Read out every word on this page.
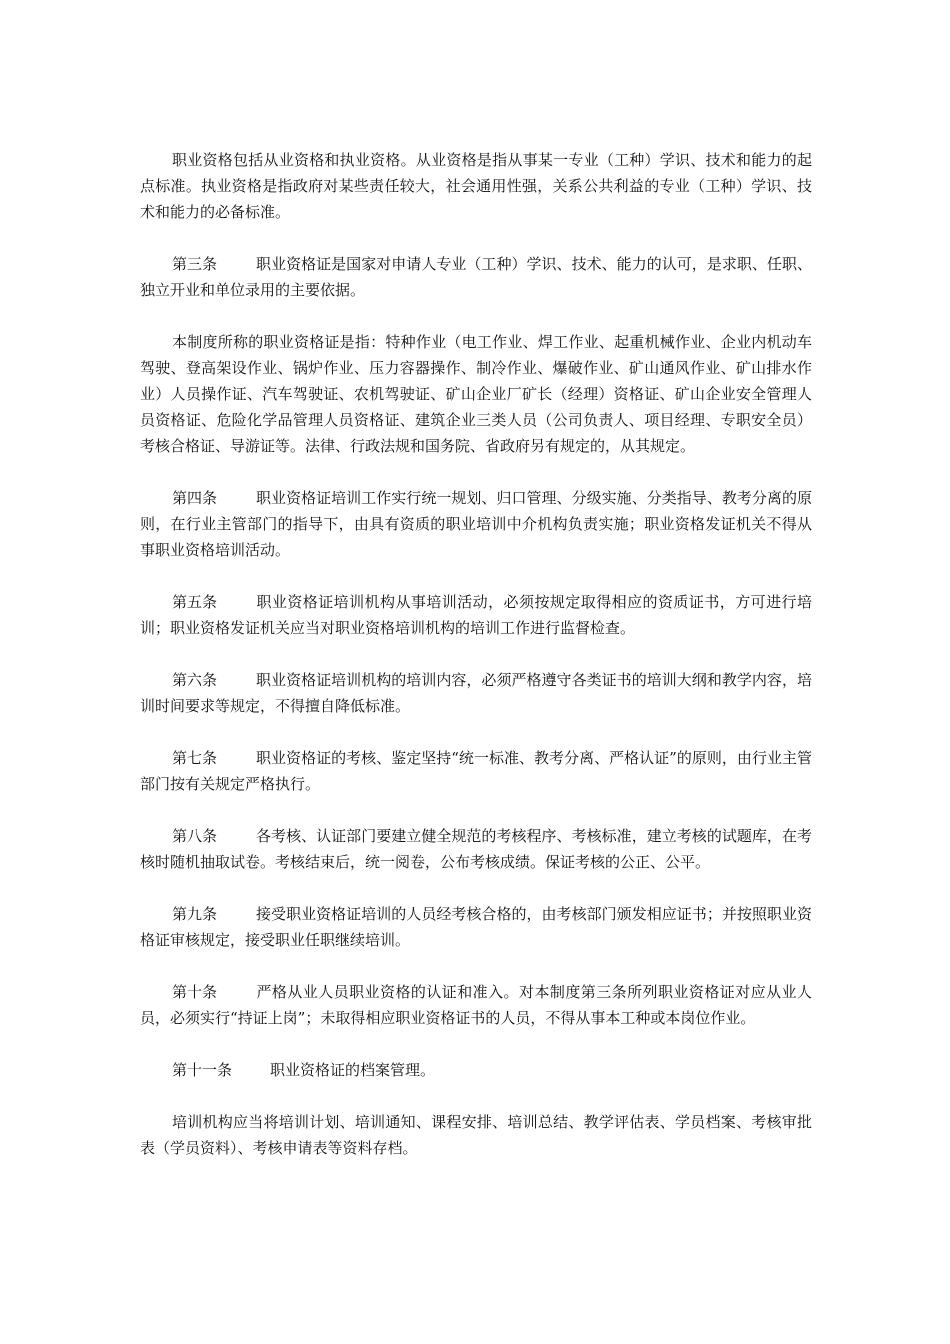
职业资格包括从业资格和执业资格。从业资格是指从事某一专业（工种）学识、技术和能力的起点标准。执业资格是指政府对某些责任较大，社会通用性强，关系公共利益的专业（工种）学识、技术和能力的必备标准。

第三条	职业资格证是国家对申请人专业（工种）学识、技术、能力的认可，是求职、任职、独立开业和单位录用的主要依据。

本制度所称的职业资格证是指：特种作业（电工作业、焊工作业、起重机械作业、企业内机动车驾驶、登高架设作业、锅炉作业、压力容器操作、制冷作业、爆破作业、矿山通风作业、矿山排水作业）人员操作证、汽车驾驶证、农机驾驶证、矿山企业厂矿长（经理）资格证、矿山企业安全管理人员资格证、危险化学品管理人员资格证、建筑企业三类人员（公司负责人、项目经理、专职安全员）考核合格证、导游证等。法律、行政法规和国务院、省政府另有规定的，从其规定。

第四条	职业资格证培训工作实行统一规划、归口管理、分级实施、分类指导、教考分离的原则，在行业主管部门的指导下，由具有资质的职业培训中介机构负责实施；职业资格发证机关不得从事职业资格培训活动。

第五条	职业资格证培训机构从事培训活动，必须按规定取得相应的资质证书，方可进行培训；职业资格发证机关应当对职业资格培训机构的培训工作进行监督检查。

第六条	职业资格证培训机构的培训内容，必须严格遵守各类证书的培训大纲和教学内容，培训时间要求等规定，不得擅自降低标准。

第七条	职业资格证的考核、鉴定坚持“统一标准、教考分离、严格认证”的原则，由行业主管部门按有关规定严格执行。

第八条	各考核、认证部门要建立健全规范的考核程序、考核标准，建立考核的试题库，在考核时随机抽取试卷。考核结束后，统一阅卷，公布考核成绩。保证考核的公正、公平。

第九条	接受职业资格证培训的人员经考核合格的，由考核部门颁发相应证书；并按照职业资格证审核规定，接受职业任职继续培训。

第十条	严格从业人员职业资格的认证和准入。对本制度第三条所列职业资格证对应从业人员，必须实行“持证上岗”；未取得相应职业资格证书的人员，不得从事本工种或本岗位作业。

第十一条	职业资格证的档案管理。

培训机构应当将培训计划、培训通知、课程安排、培训总结、教学评估表、学员档案、考核审批表（学员资料）、考核申请表等资料存档。
